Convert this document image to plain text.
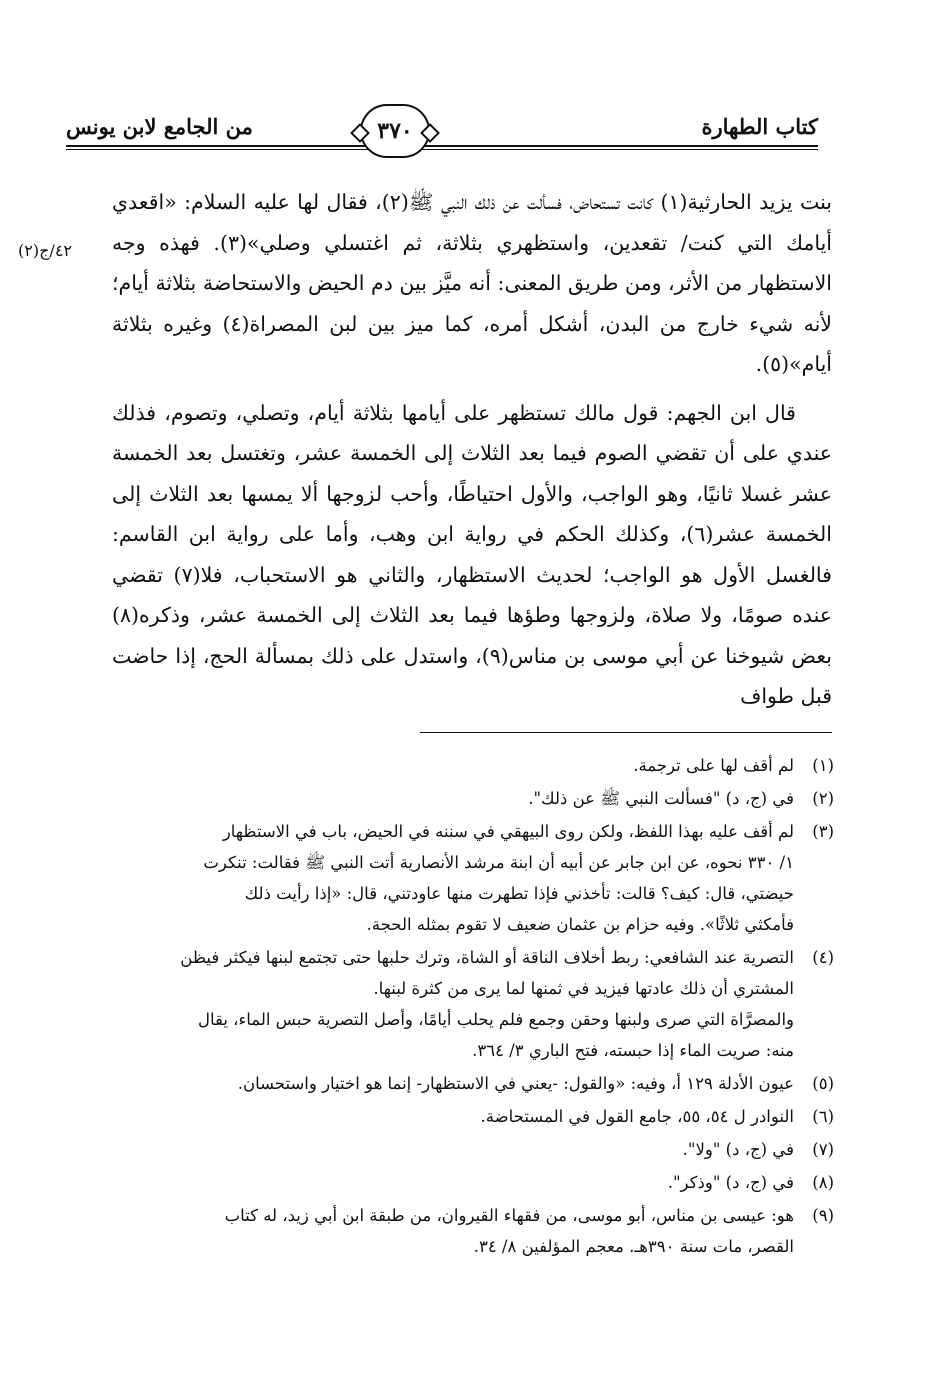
كتاب الطهارة
من الجامع لابن يونس	٣٧٠
٤٢/ج(٢)

بنت يزيد الحارثية(١) كانت تستحاض، فسألت عن ذلك النبي ﷺ(٢)، فقال لها عليه السلام: «اقعدي أيامك التي كنت/ تقعدين، واستظهري بثلاثة، ثم اغتسلي وصلي»(٣). فهذه وجه الاستظهار من الأثر، ومن طريق المعنى: أنه ميَّز بين دم الحيض والاستحاضة بثلاثة أيام؛ لأنه شيء خارج من البدن، أشكل أمره، كما ميز بين لبن المصراة(٤) وغيره بثلاثة أيام»(٥).

قال ابن الجهم: قول مالك تستظهر على أيامها بثلاثة أيام، وتصلي، وتصوم، فذلك عندي على أن تقضي الصوم فيما بعد الثلاث إلى الخمسة عشر، وتغتسل بعد الخمسة عشر غسلا ثانيًا، وهو الواجب، والأول احتياطًا، وأحب لزوجها ألا يمسها بعد الثلاث إلى الخمسة عشر(٦)، وكذلك الحكم في رواية ابن وهب، وأما على رواية ابن القاسم: فالغسل الأول هو الواجب؛ لحديث الاستظهار، والثاني هو الاستحباب، فلا(٧) تقضي عنده صومًا، ولا صلاة، ولزوجها وطؤها فيما بعد الثلاث إلى الخمسة عشر، وذكره(٨) بعض شيوخنا عن أبي موسى بن مناس(٩)، واستدل على ذلك بمسألة الحج، إذا حاضت قبل طواف

(١)
لم أقف لها على ترجمة.
(٢)
في (ج، د) "فسألت النبي ﷺ عن ذلك".
(٣)
لم أقف عليه بهذا اللفظ، ولكن روى البيهقي في سننه في الحيض، باب في الاستظهار
١/ ٣٣٠ نحوه، عن ابن جابر عن أبيه أن ابنة مرشد الأنصارية أتت النبي ﷺ فقالت: تنكرت
حيضتي، قال: كيف؟ قالت: تأخذني فإذا تطهرت منها عاودتني، قال: «إذا رأيت ذلك
فأمكثي ثلاثًا». وفيه حزام بن عثمان ضعيف لا تقوم بمثله الحجة.
(٤)
التصرية عند الشافعي: ربط أخلاف الناقة أو الشاة، وترك حلبها حتى تجتمع لبنها فيكثر فيظن
المشتري أن ذلك عادتها فيزيد في ثمنها لما يرى من كثرة لبنها.
والمصرَّاة التي صرى ولبنها وحقن وجمع فلم يحلب أيامًا، وأصل التصرية حبس الماء، يقال
منه: صريت الماء إذا حبسته، فتح الباري ٣/ ٣٦٤.
(٥)
عيون الأدلة ١٢٩ أ، وفيه: «والقول: -يعني في الاستظهار- إنما هو اختيار واستحسان.
(٦)
النوادر ل ٥٤، ٥٥، جامع القول في المستحاضة.
(٧)
في (ج، د) "ولا".
(٨)
في (ج، د) "وذكر".
(٩)
هو: عيسى بن مناس، أبو موسى، من فقهاء القيروان، من طبقة ابن أبي زيد، له كتاب
القصر، مات سنة ٣٩٠هـ. معجم المؤلفين ٨/ ٣٤.
